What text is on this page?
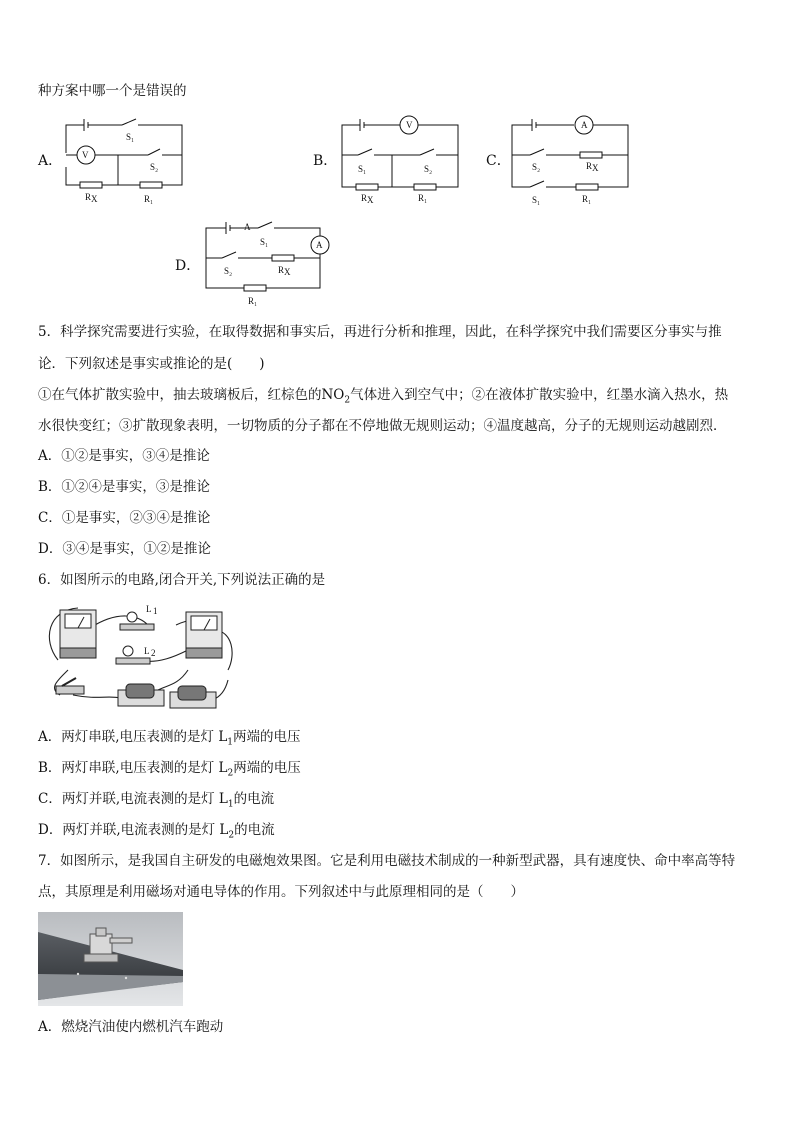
种方案中哪一个是错误的
A． V
S₁
S₂
R X	R₁
B．
V
S₁	S₂
R X	R₁
C．
A
S₂	R X
S₁	R₁
D．
A
A
S₁
S₂	R X
R₁
5．科学探究需要进行实验，在取得数据和事实后，再进行分析和推理，因此，在科学探究中我们需要区分事实与推
论．下列叙述是事实或推论的是(　　)
①在气体扩散实验中，抽去玻璃板后，红棕色的$NO_2$气体进入到空气中；②在液体扩散实验中，红墨水滴入热水，热
水很快变红；③扩散现象表明，一切物质的分子都在不停地做无规则运动；④温度越高，分子的无规则运动越剧烈．
A．①②是事实，③④是推论
B．①②④是事实，③是推论
C．①是事实，②③④是推论
D．③④是事实，①②是推论
6．如图所示的电路,闭合开关,下列说法正确的是
L 1
L 2
A．两灯串联,电压表测的是灯 $L_1$两端的电压
B．两灯串联,电压表测的是灯 $L_2$两端的电压
C．两灯并联,电流表测的是灯 $L_1$的电流
D．两灯并联,电流表测的是灯 $L_2$的电流
7．如图所示，是我国自主研发的电磁炮效果图。它是利用电磁技术制成的一种新型武器，具有速度快、命中率高等特
点，其原理是利用磁场对通电导体的作用。下列叙述中与此原理相同的是（　　）
A．燃烧汽油使内燃机汽车跑动
